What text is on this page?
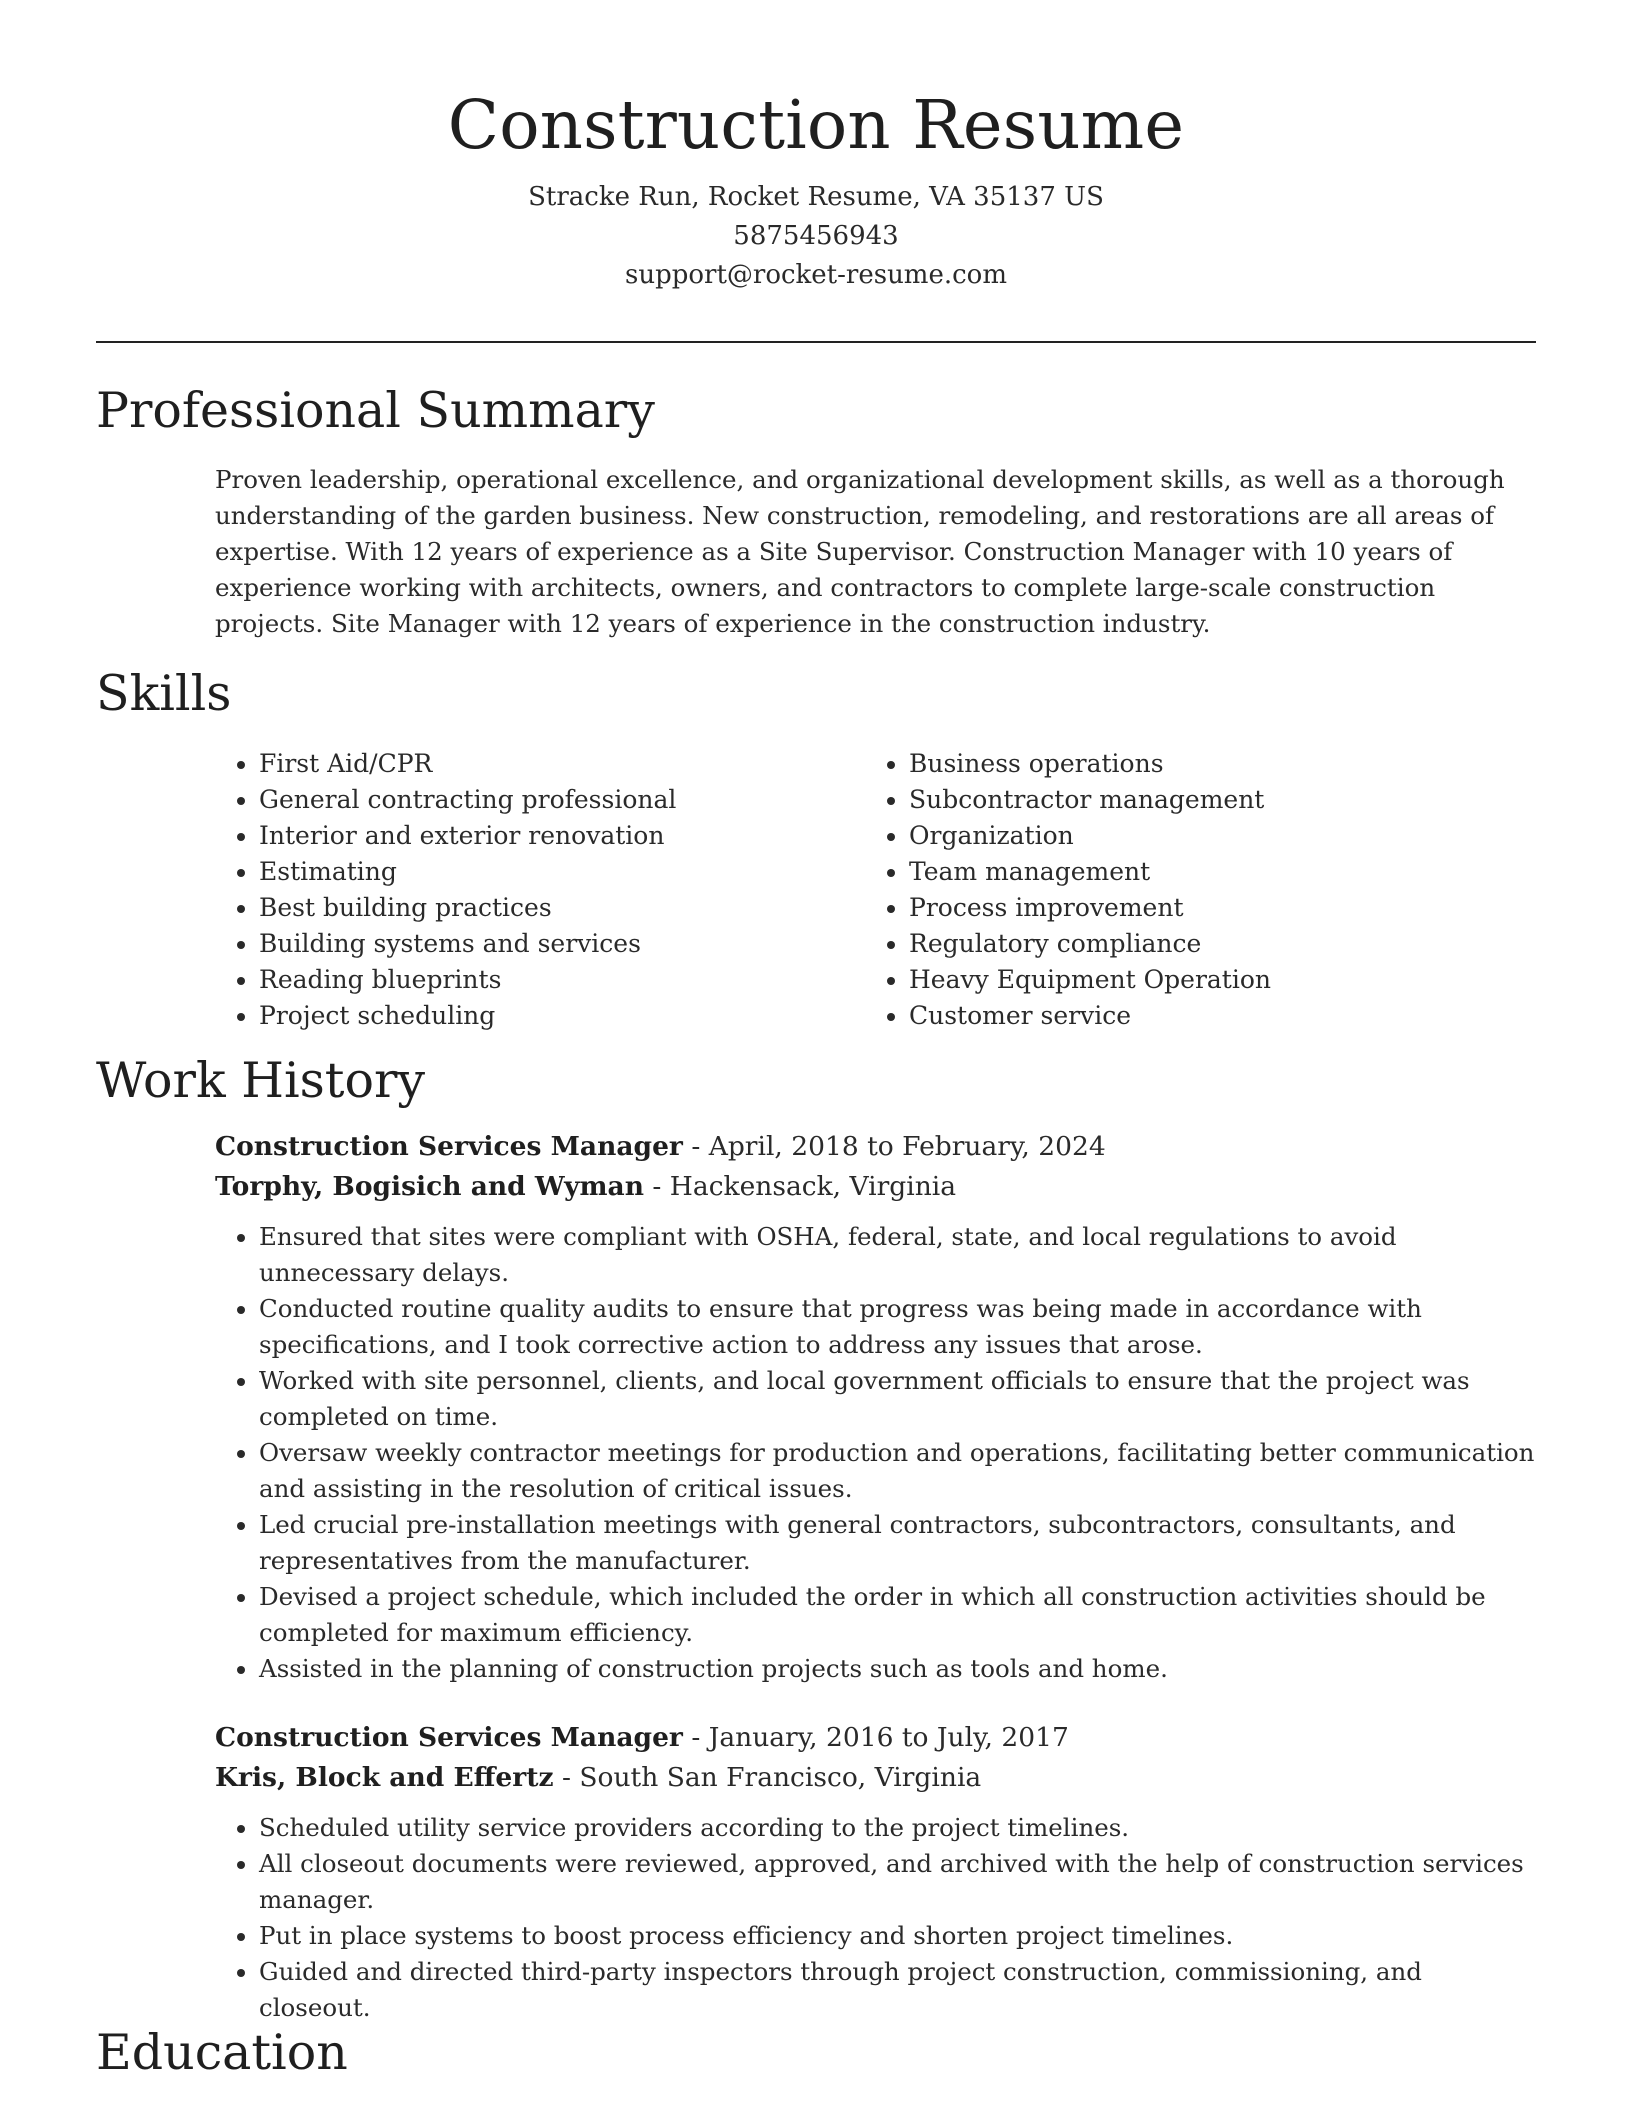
Construction Resume

Stracke Run, Rocket Resume, VA 35137 US

5875456943

support@rocket-resume.com

Professional Summary

Proven leadership, operational excellence, and organizational development skills, as well as a thorough understanding of the garden business. New construction, remodeling, and restorations are all areas of expertise. With 12 years of experience as a Site Supervisor. Construction Manager with 10 years of experience working with architects, owners, and contractors to complete large-scale construction projects. Site Manager with 12 years of experience in the construction industry.

Skills
• First Aid/CPR
• General contracting professional
• Interior and exterior renovation
• Estimating
• Best building practices
• Building systems and services
• Reading blueprints
• Project scheduling
• Business operations
• Subcontractor management
• Organization
• Team management
• Process improvement
• Regulatory compliance
• Heavy Equipment Operation
• Customer service
Work History

Construction Services Manager - April, 2018 to February, 2024

Torphy, Bogisich and Wyman - Hackensack, Virginia

• Ensured that sites were compliant with OSHA, federal, state, and local regulations to avoid unnecessary delays.
• Conducted routine quality audits to ensure that progress was being made in accordance with specifications, and I took corrective action to address any issues that arose.
• Worked with site personnel, clients, and local government officials to ensure that the project was completed on time.
• Oversaw weekly contractor meetings for production and operations, facilitating better communication and assisting in the resolution of critical issues.
• Led crucial pre-installation meetings with general contractors, subcontractors, consultants, and representatives from the manufacturer.
• Devised a project schedule, which included the order in which all construction activities should be completed for maximum efficiency.
• Assisted in the planning of construction projects such as tools and home.

Construction Services Manager - January, 2016 to July, 2017

Kris, Block and Effertz - South San Francisco, Virginia

• Scheduled utility service providers according to the project timelines.
• All closeout documents were reviewed, approved, and archived with the help of construction services manager.
• Put in place systems to boost process efficiency and shorten project timelines.
• Guided and directed third-party inspectors through project construction, commissioning, and closeout.
Education
